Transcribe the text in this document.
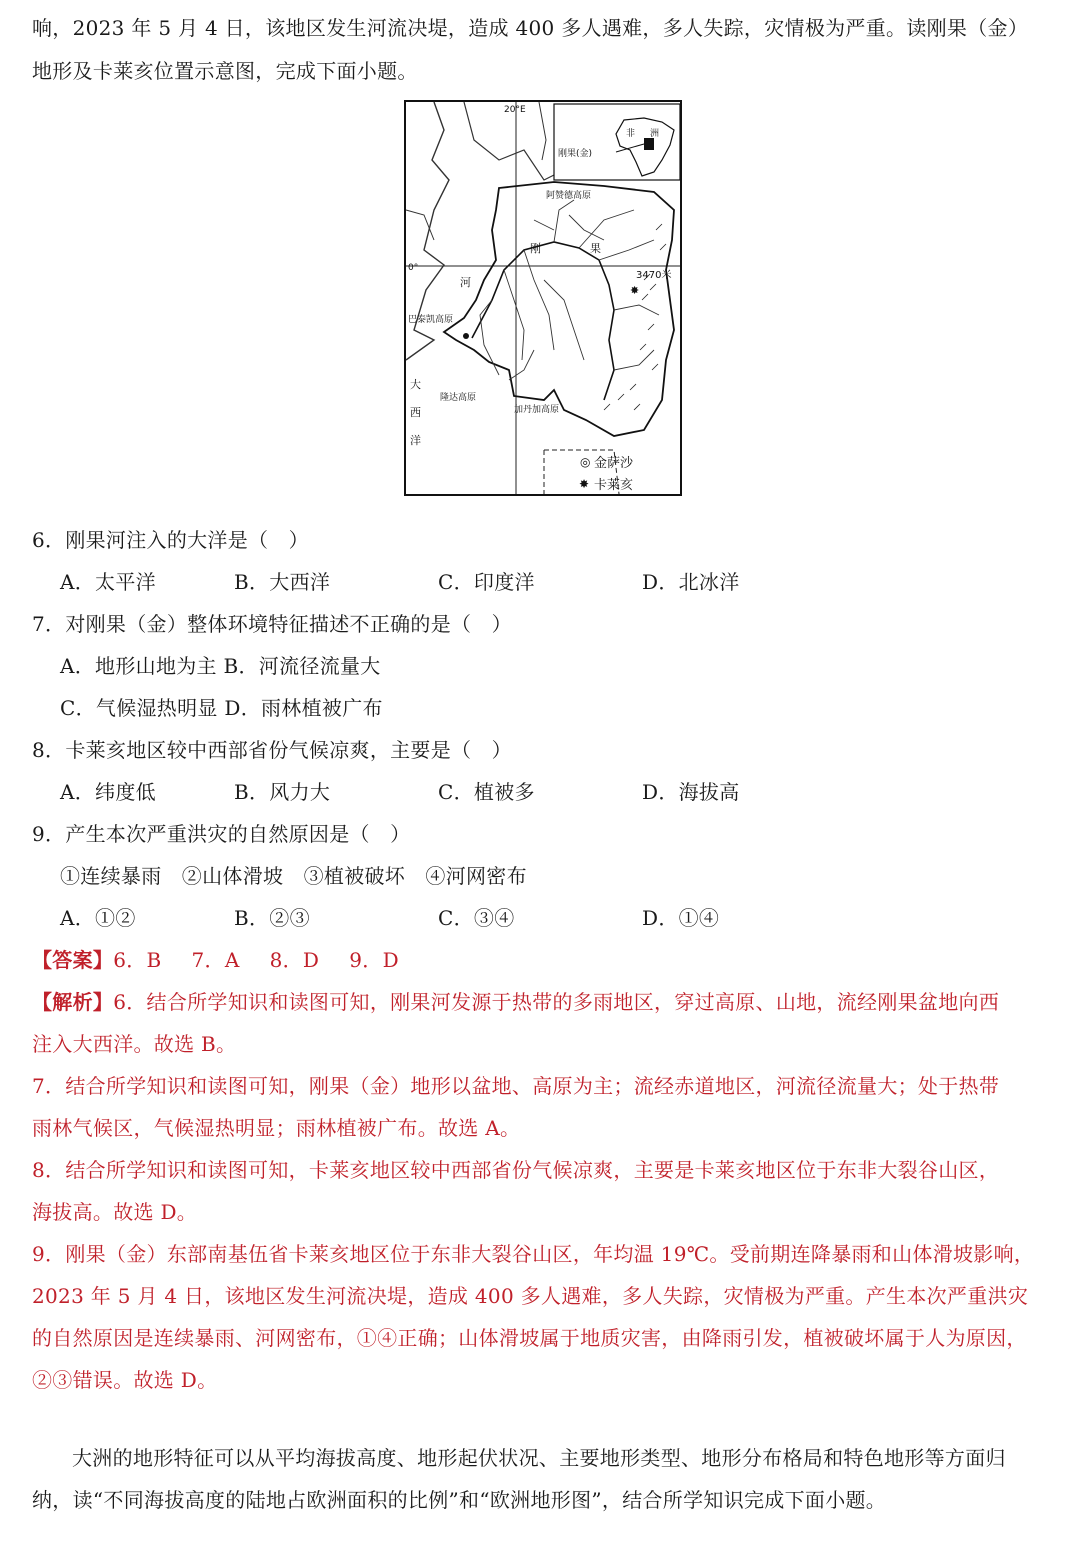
响，2023 年 5 月 4 日，该地区发生河流决堤，造成 400 多人遇难，多人失踪，灾情极为严重。读刚果（金）
地形及卡莱亥位置示意图，完成下面小题。
✸
◎
✸
20°E
刚果(金)
非 洲
阿赞德高原
刚	果
河
0°
3470米
巴泰凯高原
大
西
洋
隆达高原
加丹加高原
金萨沙
卡莱亥
6．刚果河注入的大洋是（　）
A．太平洋	B．大西洋	C．印度洋	D．北冰洋
7．对刚果（金）整体环境特征描述不正确的是（　）
A．地形山地为主 B．河流径流量大
C．气候湿热明显 D．雨林植被广布
8．卡莱亥地区较中西部省份气候凉爽，主要是（　）
A．纬度低	B．风力大	C．植被多	D．海拔高
9．产生本次严重洪灾的自然原因是（　）
①连续暴雨　②山体滑坡　③植被破坏　④河网密布
A．①②	B．②③	C．③④	D．①④
【答案】6．B 7．A 8．D 9．D
【解析】6．结合所学知识和读图可知，刚果河发源于热带的多雨地区，穿过高原、山地，流经刚果盆地向西
注入大西洋。故选 B。
7．结合所学知识和读图可知，刚果（金）地形以盆地、高原为主；流经赤道地区，河流径流量大；处于热带
雨林气候区，气候湿热明显；雨林植被广布。故选 A。
8．结合所学知识和读图可知，卡莱亥地区较中西部省份气候凉爽，主要是卡莱亥地区位于东非大裂谷山区，
海拔高。故选 D。
9．刚果（金）东部南基伍省卡莱亥地区位于东非大裂谷山区，年均温 19℃。受前期连降暴雨和山体滑坡影响，
2023 年 5 月 4 日，该地区发生河流决堤，造成 400 多人遇难，多人失踪，灾情极为严重。产生本次严重洪灾
的自然原因是连续暴雨、河网密布，①④正确；山体滑坡属于地质灾害，由降雨引发，植被破坏属于人为原因，
②③错误。故选 D。
大洲的地形特征可以从平均海拔高度、地形起伏状况、主要地形类型、地形分布格局和特色地形等方面归
纳，读“不同海拔高度的陆地占欧洲面积的比例”和“欧洲地形图”，结合所学知识完成下面小题。
